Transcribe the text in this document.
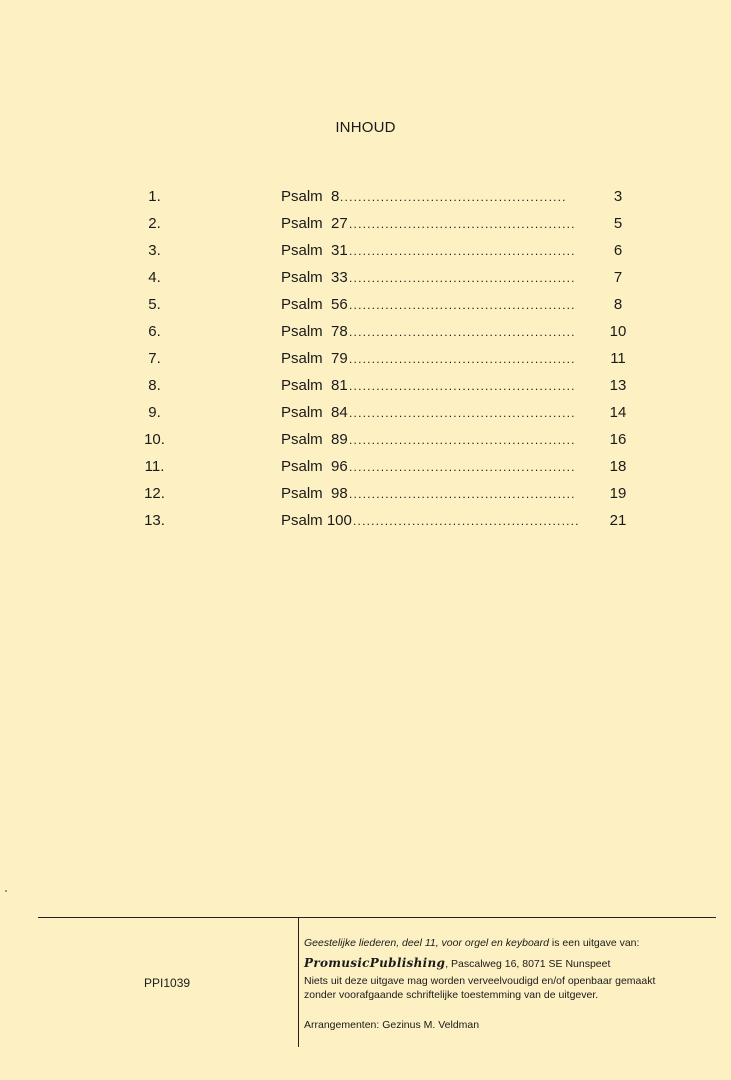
INHOUD
1.	Psalm  8 ..................................................	3
2.	Psalm  27 ..................................................	5
3.	Psalm  31 ..................................................	6
4.	Psalm  33 ..................................................	7
5.	Psalm  56 ..................................................	8
6.	Psalm  78 ..................................................	10
7.	Psalm  79 ..................................................	11
8.	Psalm  81 ..................................................	13
9.	Psalm  84 ..................................................	14
10.	Psalm  89 ..................................................	16
11.	Psalm  96 ..................................................	18
12.	Psalm  98 ..................................................	19
13.	Psalm 100 ..................................................	21
PPI1039
Geestelijke liederen, deel 11, voor orgel en keyboard is een uitgave van:
PromusicPublishing, Pascalweg 16, 8071 SE Nunspeet
Niets uit deze uitgave mag worden verveelvoudigd en/of openbaar gemaakt
zonder voorafgaande schriftelijke toestemming van de uitgever.
Arrangementen: Gezinus M. Veldman
